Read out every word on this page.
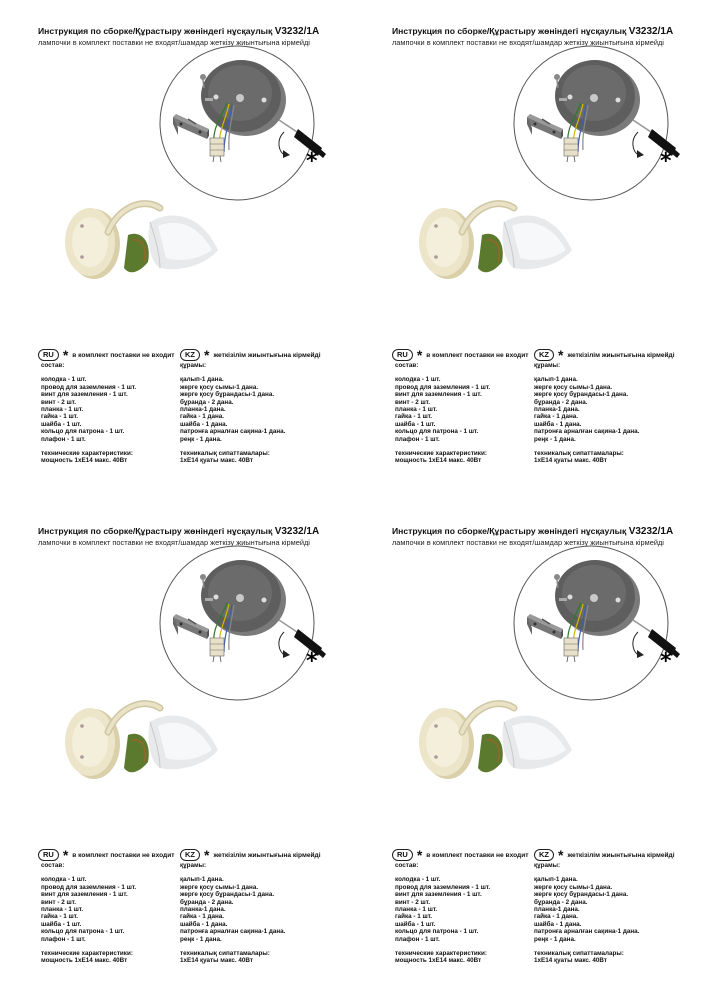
Инструкция по сборке/Құрастыру жөніндегі нұсқаулық V3232/1A
лампочки в комплект поставки не входят/шамдар жеткізу жиынтығына кірмейді
*
RU * в комплект поставки не входит	KZ * жеткізілім жиынтығына кірмейді
состав:
колодка - 1 шт.
провод для заземления - 1 шт.
винт для заземления - 1 шт.
винт - 2 шт.
планка - 1 шт.
гайка - 1 шт.
шайба - 1 шт.
кольцо для патрона - 1 шт.
плафон - 1 шт.
технические характеристики:
мощность 1хЕ14 макс. 40Вт
құрамы:
қалып-1 дана.
жерге қосу сымы-1 дана.
жерге қосу бұрандасы-1 дана.
бұрандa - 2 дана.
планка-1 дана.
гайка - 1 дана.
шайба - 1 дана.
патронға арналған сақина-1 дана.
реңк - 1 дана.
техникалық сипаттамалары:
1хЕ14 қуаты макс. 40Вт
Инструкция по сборке/Құрастыру жөніндегі нұсқаулық V3232/1A
лампочки в комплект поставки не входят/шамдар жеткізу жиынтығына кірмейді
*
RU * в комплект поставки не входит	KZ * жеткізілім жиынтығына кірмейді
состав:
колодка - 1 шт.
провод для заземления - 1 шт.
винт для заземления - 1 шт.
винт - 2 шт.
планка - 1 шт.
гайка - 1 шт.
шайба - 1 шт.
кольцо для патрона - 1 шт.
плафон - 1 шт.
технические характеристики:
мощность 1хЕ14 макс. 40Вт
құрамы:
қалып-1 дана.
жерге қосу сымы-1 дана.
жерге қосу бұрандасы-1 дана.
бұрандa - 2 дана.
планка-1 дана.
гайка - 1 дана.
шайба - 1 дана.
патронға арналған сақина-1 дана.
реңк - 1 дана.
техникалық сипаттамалары:
1хЕ14 қуаты макс. 40Вт
Инструкция по сборке/Құрастыру жөніндегі нұсқаулық V3232/1A
лампочки в комплект поставки не входят/шамдар жеткізу жиынтығына кірмейді
*
RU * в комплект поставки не входит	KZ * жеткізілім жиынтығына кірмейді
состав:
колодка - 1 шт.
провод для заземления - 1 шт.
винт для заземления - 1 шт.
винт - 2 шт.
планка - 1 шт.
гайка - 1 шт.
шайба - 1 шт.
кольцо для патрона - 1 шт.
плафон - 1 шт.
технические характеристики:
мощность 1хЕ14 макс. 40Вт
құрамы:
қалып-1 дана.
жерге қосу сымы-1 дана.
жерге қосу бұрандасы-1 дана.
бұрандa - 2 дана.
планка-1 дана.
гайка - 1 дана.
шайба - 1 дана.
патронға арналған сақина-1 дана.
реңк - 1 дана.
техникалық сипаттамалары:
1хЕ14 қуаты макс. 40Вт
Инструкция по сборке/Құрастыру жөніндегі нұсқаулық V3232/1A
лампочки в комплект поставки не входят/шамдар жеткізу жиынтығына кірмейді
*
RU * в комплект поставки не входит	KZ * жеткізілім жиынтығына кірмейді
состав:
колодка - 1 шт.
провод для заземления - 1 шт.
винт для заземления - 1 шт.
винт - 2 шт.
планка - 1 шт.
гайка - 1 шт.
шайба - 1 шт.
кольцо для патрона - 1 шт.
плафон - 1 шт.
технические характеристики:
мощность 1хЕ14 макс. 40Вт
құрамы:
қалып-1 дана.
жерге қосу сымы-1 дана.
жерге қосу бұрандасы-1 дана.
бұрандa - 2 дана.
планка-1 дана.
гайка - 1 дана.
шайба - 1 дана.
патронға арналған сақина-1 дана.
реңк - 1 дана.
техникалық сипаттамалары:
1хЕ14 қуаты макс. 40Вт
